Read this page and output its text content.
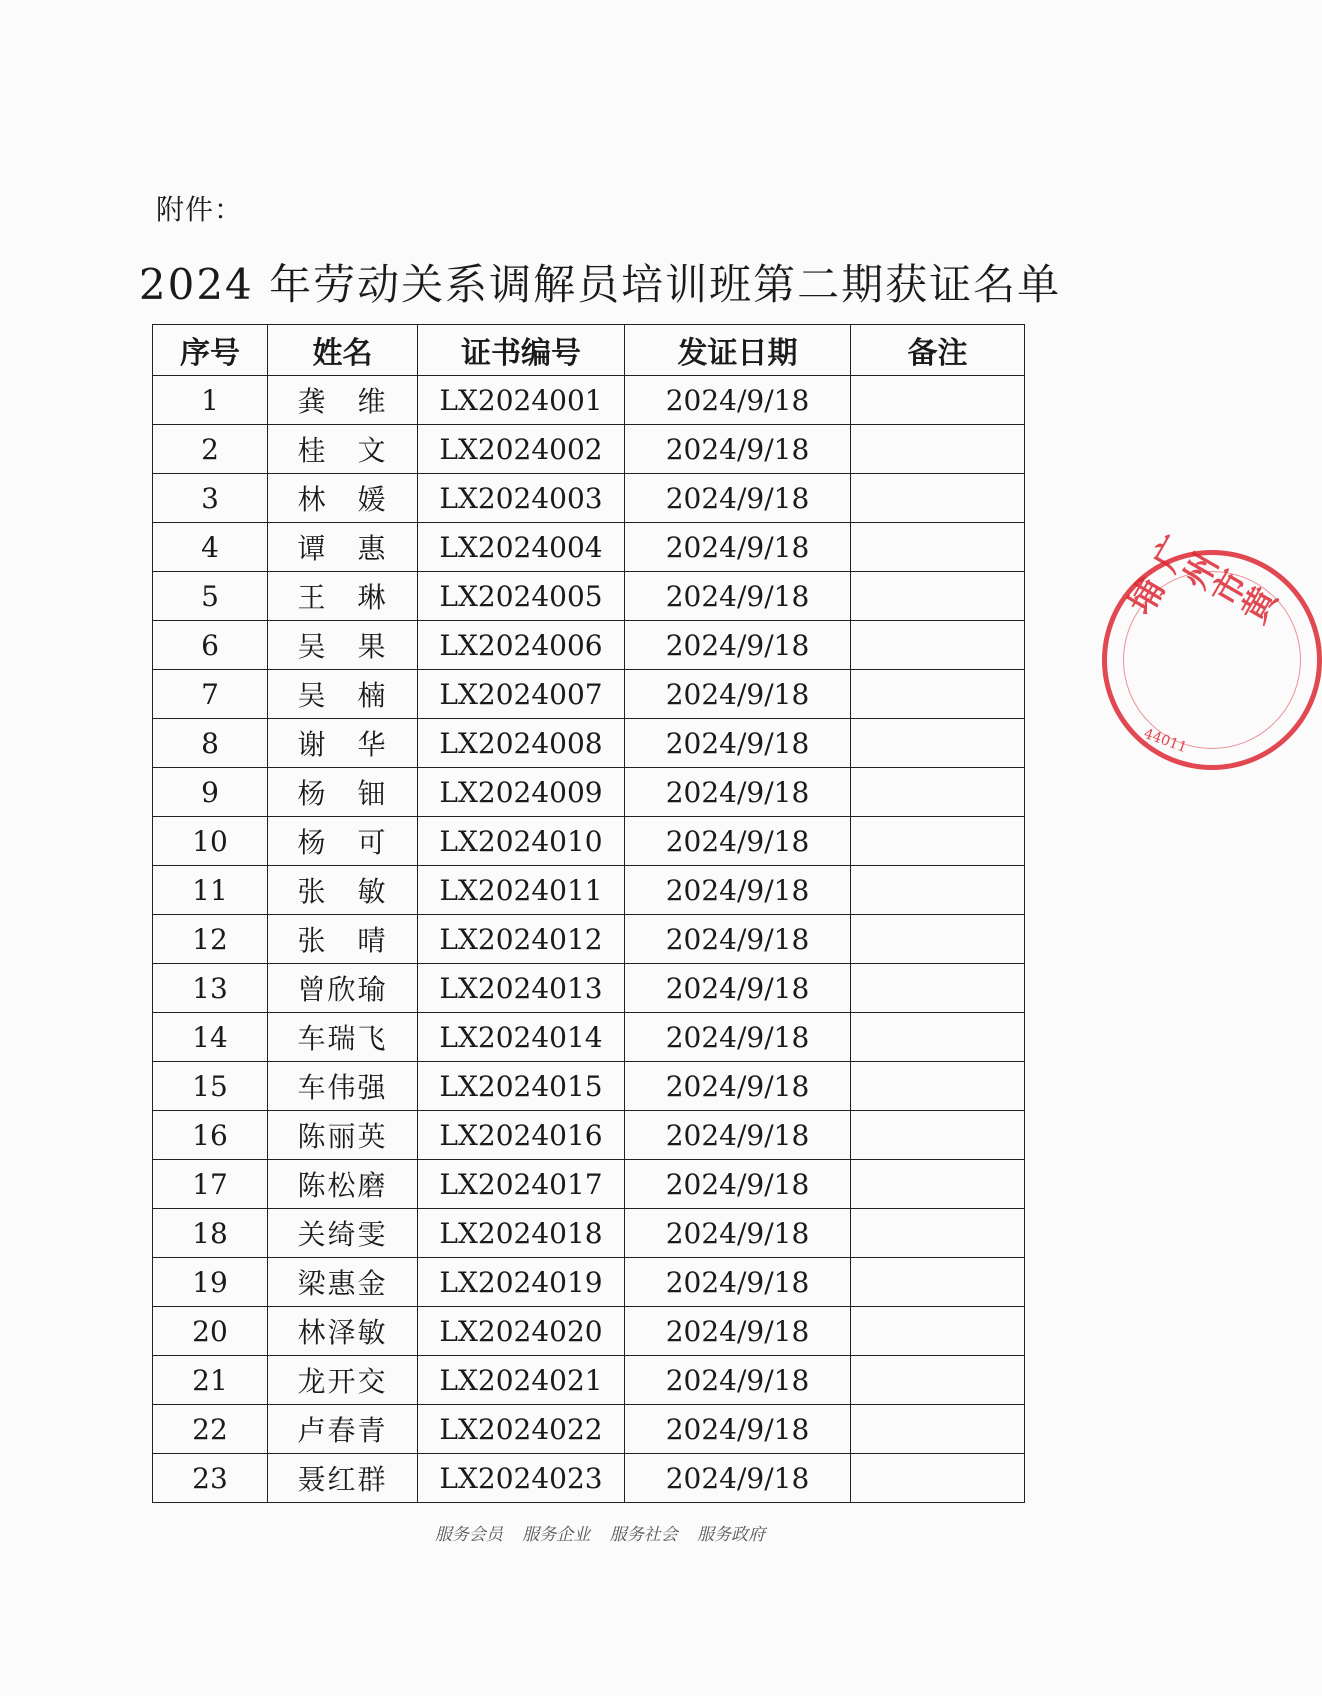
附件：
2024 年劳动关系调解员培训班第二期获证名单
序号	姓名	证书编号	发证日期	备注
1	龚　维	LX2024001	2024/9/18	
2	桂　文	LX2024002	2024/9/18	
3	林　媛	LX2024003	2024/9/18	
4	谭　惠	LX2024004	2024/9/18	
5	王　琳	LX2024005	2024/9/18	
6	吴　果	LX2024006	2024/9/18	
7	吴　楠	LX2024007	2024/9/18	
8	谢　华	LX2024008	2024/9/18	
9	杨　钿	LX2024009	2024/9/18	
10	杨　可	LX2024010	2024/9/18	
11	张　敏	LX2024011	2024/9/18	
12	张　晴	LX2024012	2024/9/18	
13	曾欣瑜	LX2024013	2024/9/18	
14	车瑞飞	LX2024014	2024/9/18	
15	车伟强	LX2024015	2024/9/18	
16	陈丽英	LX2024016	2024/9/18	
17	陈松磨	LX2024017	2024/9/18	
18	关绮雯	LX2024018	2024/9/18	
19	梁惠金	LX2024019	2024/9/18	
20	林泽敏	LX2024020	2024/9/18	
21	龙开交	LX2024021	2024/9/18	
22	卢春青	LX2024022	2024/9/18	
23	聂红群	LX2024023	2024/9/18	
服务会员 服务企业 服务社会 服务政府
广州市黄埔
44011
